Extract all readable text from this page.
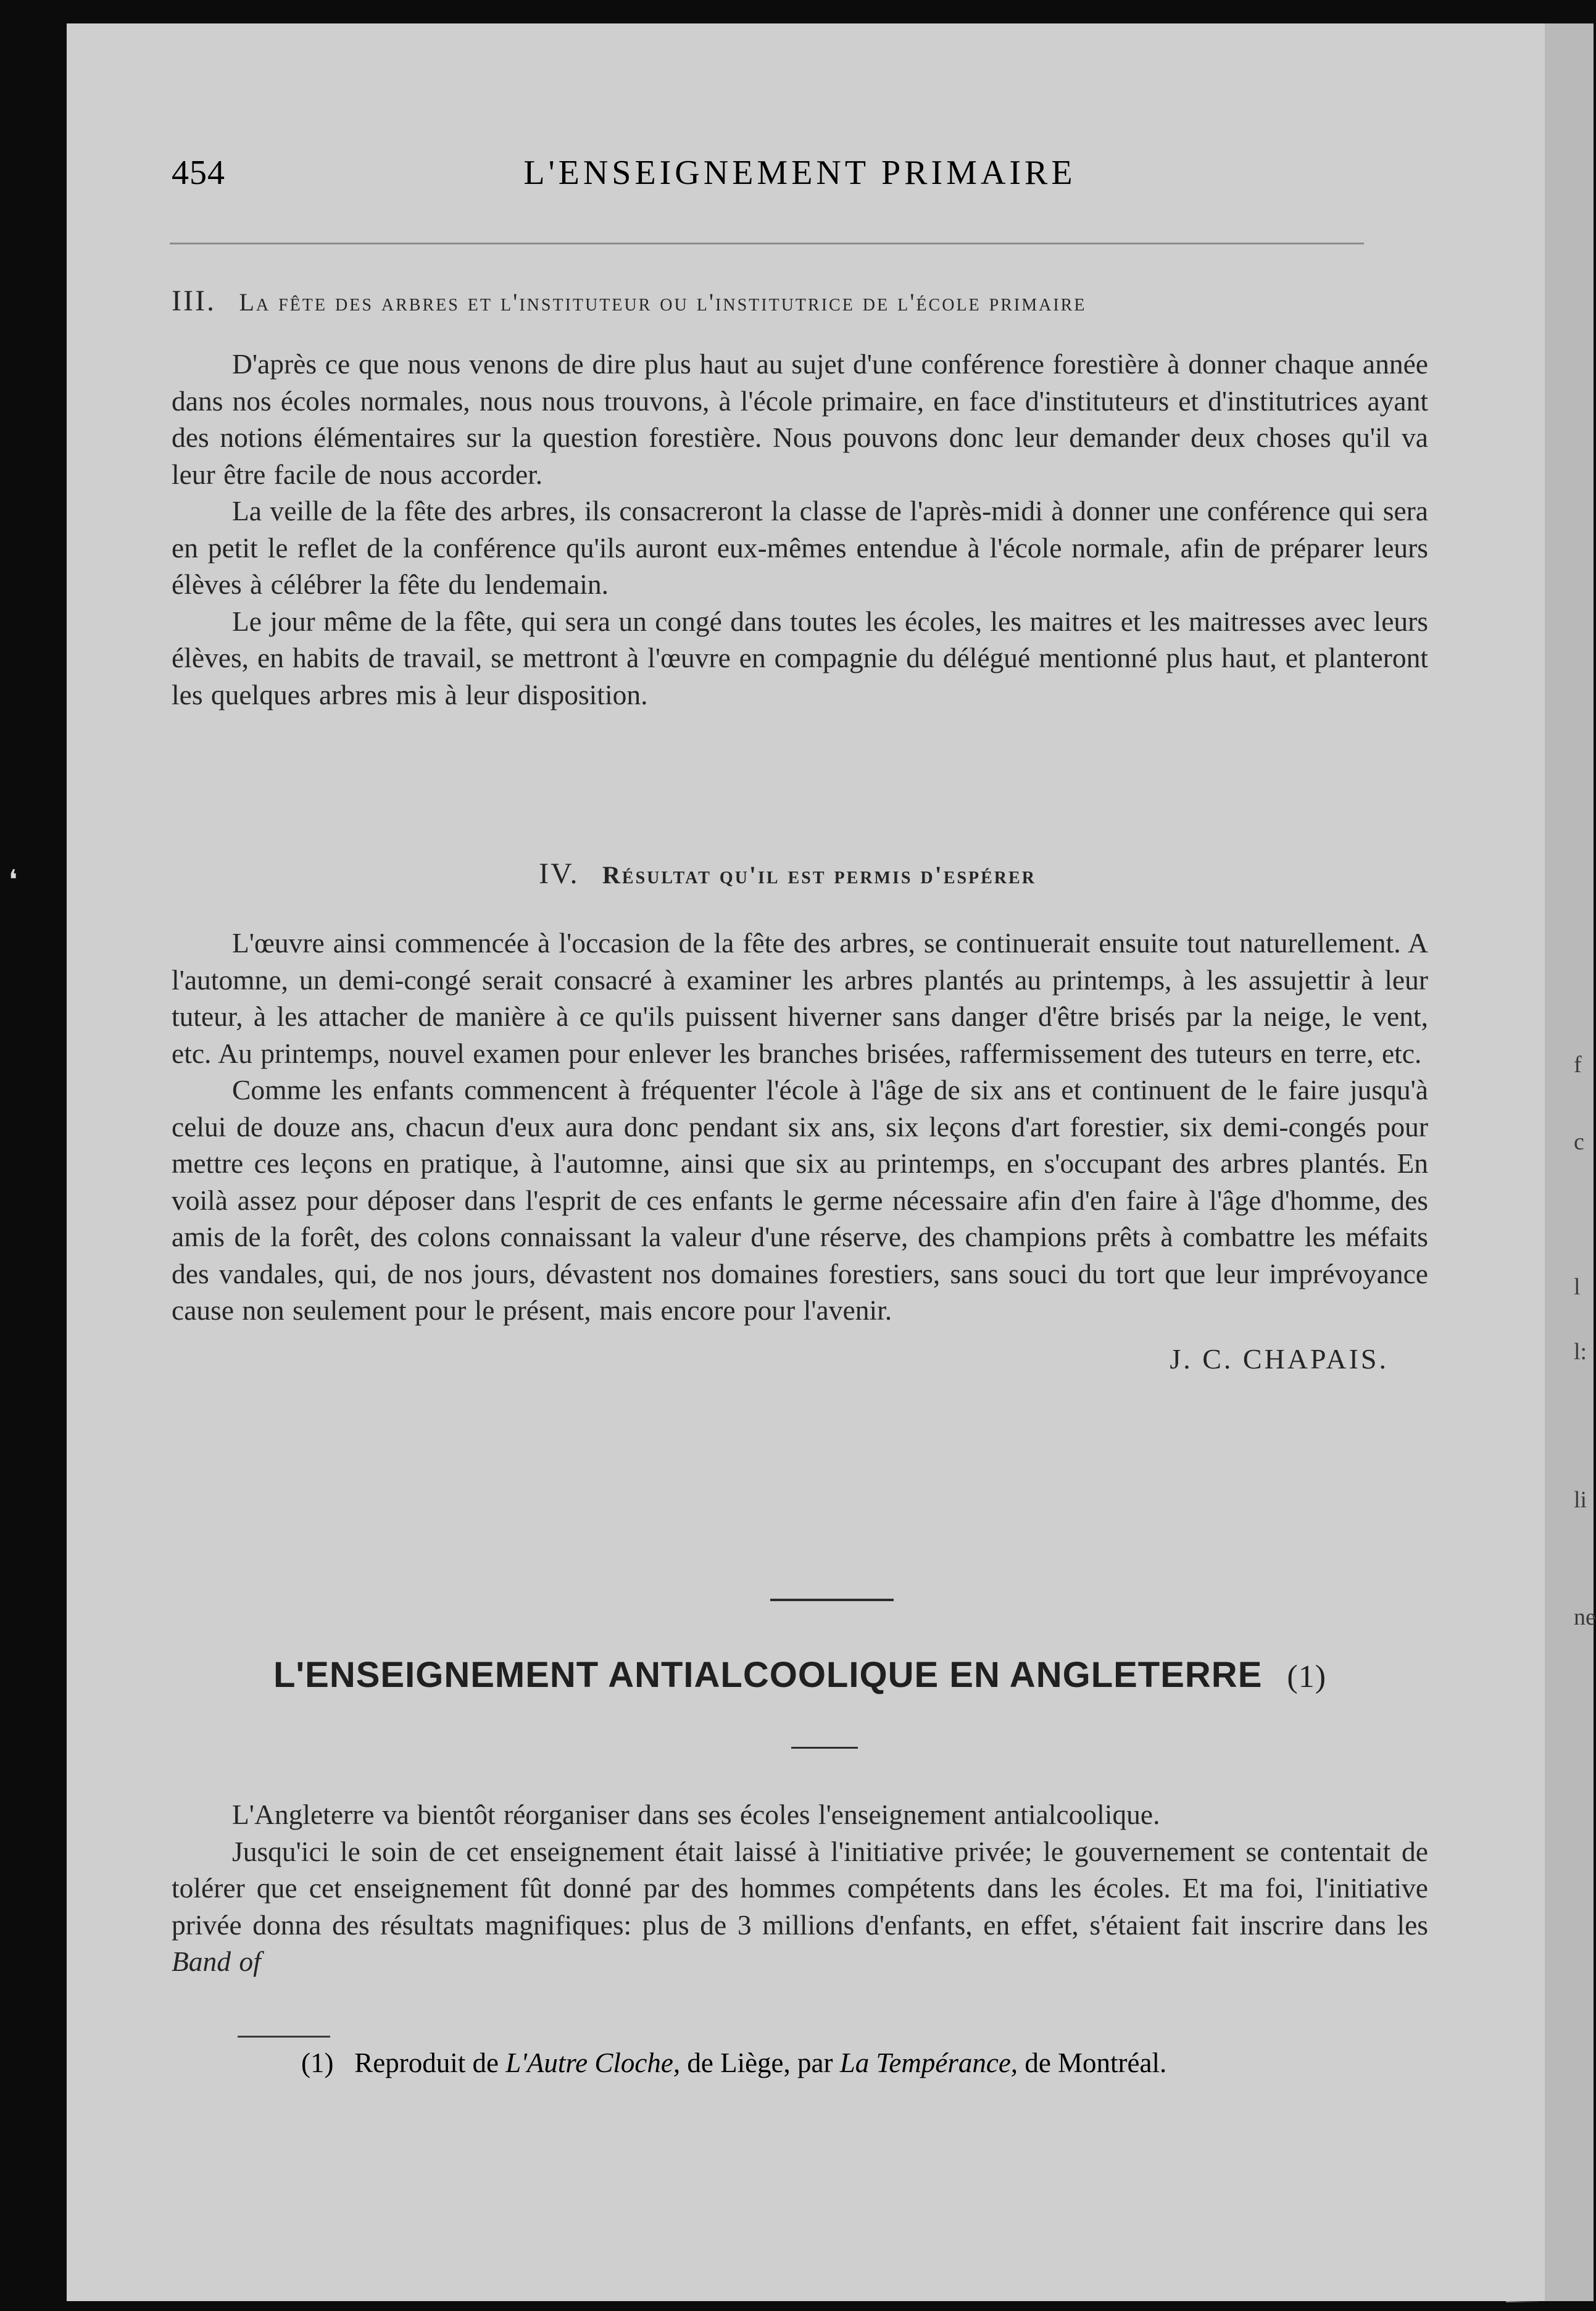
f
c
l
l:
li
ne
❛
454	L'ENSEIGNEMENT PRIMAIRE
III. La fête des arbres et l'instituteur ou l'institutrice de l'école primaire

D'après ce que nous venons de dire plus haut au sujet d'une conférence forestière à donner chaque année dans nos écoles normales, nous nous trouvons, à l'école primaire, en face d'instituteurs et d'institutrices ayant des notions élémentaires sur la question forestière. Nous pouvons donc leur demander deux choses qu'il va leur être facile de nous accorder.

La veille de la fête des arbres, ils consacreront la classe de l'après-midi à donner une conférence qui sera en petit le reflet de la conférence qu'ils auront eux-mêmes entendue à l'école normale, afin de préparer leurs élèves à célébrer la fête du lendemain.

Le jour même de la fête, qui sera un congé dans toutes les écoles, les maitres et les maitresses avec leurs élèves, en habits de travail, se mettront à l'œuvre en compagnie du délégué mentionné plus haut, et planteront les quelques arbres mis à leur disposition.

IV. Résultat qu'il est permis d'espérer

L'œuvre ainsi commencée à l'occasion de la fête des arbres, se continuerait ensuite tout naturellement. A l'automne, un demi-congé serait consacré à examiner les arbres plantés au printemps, à les assujettir à leur tuteur, à les attacher de manière à ce qu'ils puissent hiverner sans danger d'être brisés par la neige, le vent, etc. Au printemps, nouvel examen pour enlever les branches brisées, raffermissement des tuteurs en terre, etc.

Comme les enfants commencent à fréquenter l'école à l'âge de six ans et continuent de le faire jusqu'à celui de douze ans, chacun d'eux aura donc pendant six ans, six leçons d'art forestier, six demi-congés pour mettre ces leçons en pratique, à l'automne, ainsi que six au printemps, en s'occupant des arbres plantés. En voilà assez pour déposer dans l'esprit de ces enfants le germe nécessaire afin d'en faire à l'âge d'homme, des amis de la forêt, des colons connaissant la valeur d'une réserve, des champions prêts à combattre les méfaits des vandales, qui, de nos jours, dévastent nos domaines forestiers, sans souci du tort que leur imprévoyance cause non seulement pour le présent, mais encore pour l'avenir.

J. C. CHAPAIS.
L'ENSEIGNEMENT ANTIALCOOLIQUE EN ANGLETERRE (1)

L'Angleterre va bientôt réorganiser dans ses écoles l'enseignement antialcoolique.

Jusqu'ici le soin de cet enseignement était laissé à l'initiative privée; le gouvernement se contentait de tolérer que cet enseignement fût donné par des hommes compétents dans les écoles. Et ma foi, l'initiative privée donna des résultats magnifiques: plus de 3 millions d'enfants, en effet, s'étaient fait inscrire dans les Band of

(1) Reproduit de L'Autre Cloche, de Liège, par La Tempérance, de Montréal.
